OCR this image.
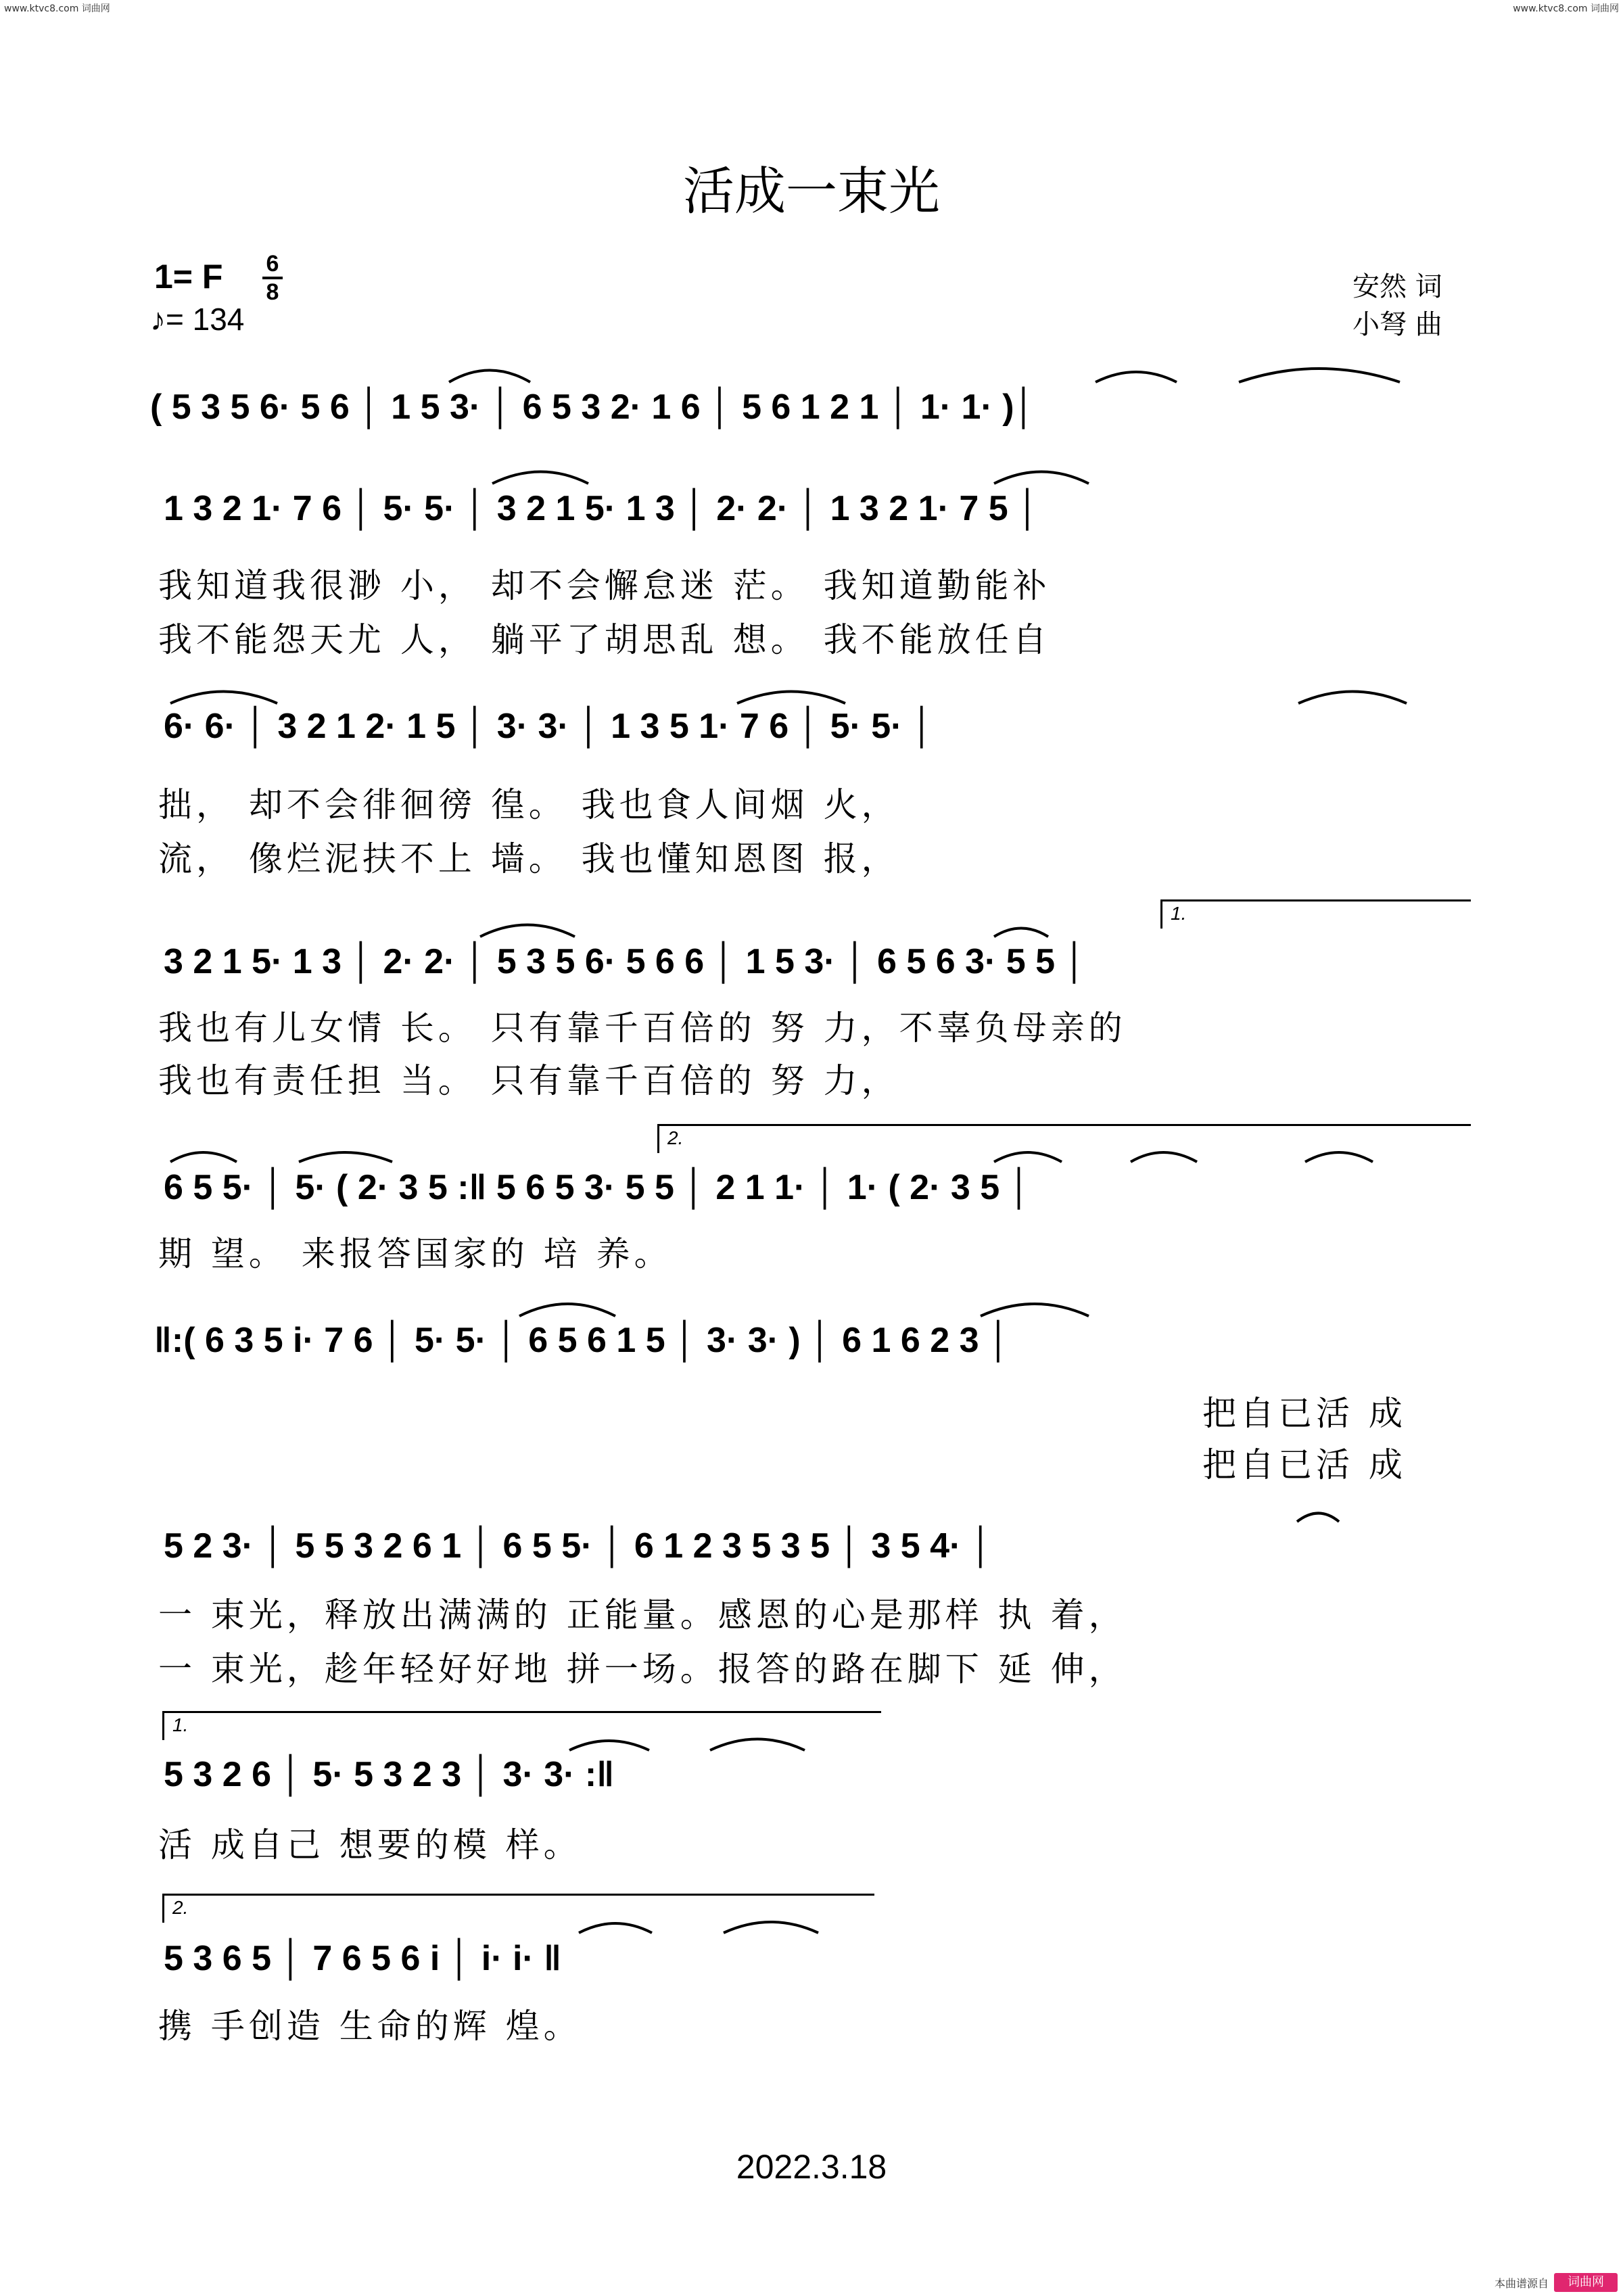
www.ktvc8.com 词曲网	www.ktvc8.com 词曲网
活成一束光
1= F 6
8
♪= 134
安然 词
小弩 曲
( 5 3 5 6· 5 6 │ 1 5 3· │ 6 5 3 2· 1 6 │ 5 6 1 2 1 │ 1· 1· )│
1 3 2 1· 7 6 │ 5· 5· │ 3 2 1 5· 1 3 │ 2· 2· │ 1 3 2 1· 7 5 │
我知道我很渺 小， 却不会懈怠迷 茫。 我知道勤能补
我不能怨天尤 人， 躺平了胡思乱 想。 我不能放任自
6· 6· │ 3 2 1 2· 1 5 │ 3· 3· │ 1 3 5 1· 7 6 │ 5· 5· │
拙， 却不会徘徊徬 徨。 我也食人间烟 火，
流， 像烂泥扶不上 墙。 我也懂知恩图 报，
1.
3 2 1 5· 1 3 │ 2· 2· │ 5 3 5 6· 5 6 6 │ 1 5 3· │ 6 5 6 3· 5 5 │
我也有儿女情 长。 只有靠千百倍的 努 力，不辜负母亲的
我也有责任担 当。 只有靠千百倍的 努 力，
2.
6 5 5· │ 5· ( 2· 3 5 :‖ 5 6 5 3· 5 5 │ 2 1 1· │ 1· ( 2· 3 5 │
期 望。 来报答国家的 培 养。
‖:( 6 3 5 i· 7 6 │ 5· 5· │ 6 5 6 1 5 │ 3· 3· ) │ 6 1 6 2 3 │
把自已活 成
把自已活 成
5 2 3· │ 5 5 3 2 6 1 │ 6 5 5· │ 6 1 2 3 5 3 5 │ 3 5 4· │
一 束光，释放出满满的 正能量。感恩的心是那样 执 着，
一 束光，趁年轻好好地 拼一场。报答的路在脚下 延 伸，
1.
5 3 2 6 │ 5· 5 3 2 3 │ 3· 3· :‖
活 成自己 想要的模 样。
2.
5 3 6 5 │ 7 6 5 6 i │ i· i· ‖
携 手创造 生命的辉 煌。
2022.3.18
本曲谱源自	词曲网
